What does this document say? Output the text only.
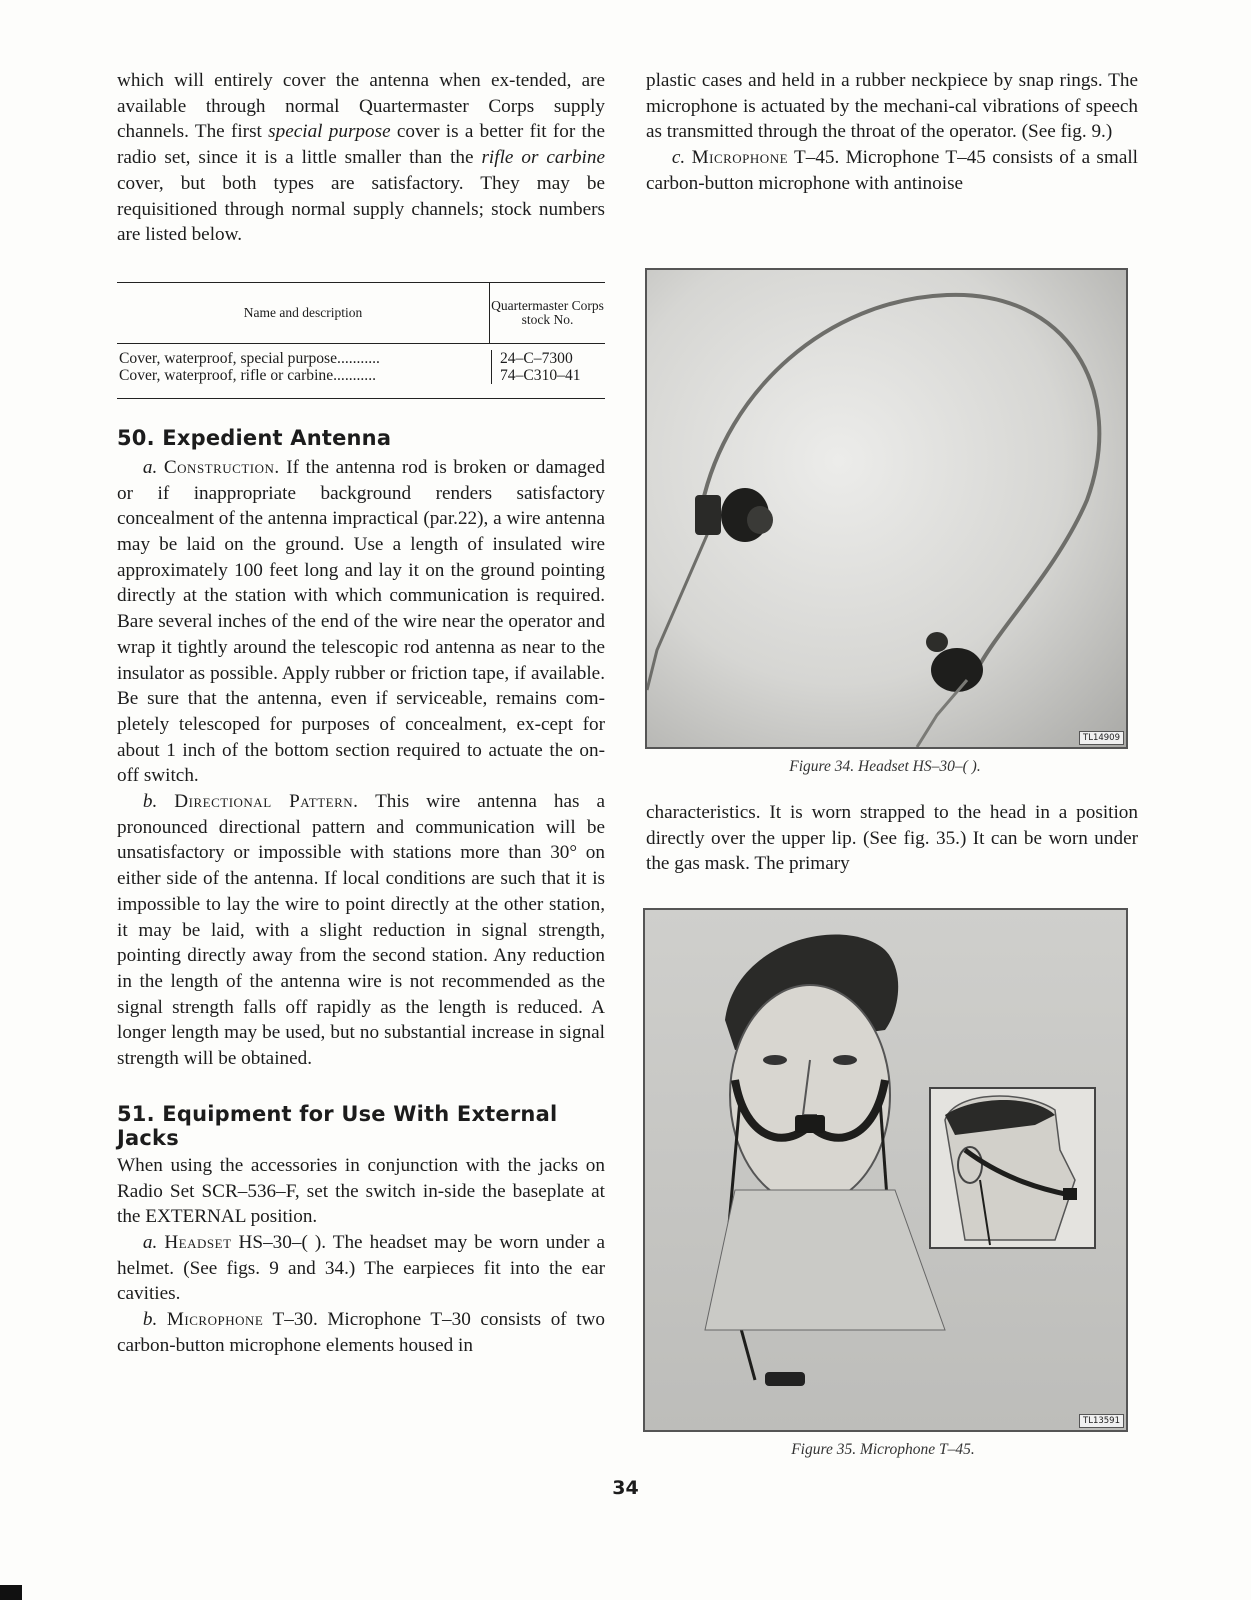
which will entirely cover the antenna when ex-tended, are available through normal Quartermaster Corps supply channels. The first special purpose cover is a better fit for the radio set, since it is a little smaller than the rifle or carbine cover, but both types are satisfactory. They may be requisitioned through normal supply channels; stock numbers are listed below.

Name and description	Quartermaster Corps stock No.
Cover, waterproof, special purpose...........	24–C–7300
Cover, waterproof, rifle or carbine...........	74–C310–41
50. Expedient Antenna

a. Construction. If the antenna rod is broken or damaged or if inappropriate background renders satisfactory concealment of the antenna impractical (par.22), a wire antenna may be laid on the ground. Use a length of insulated wire approximately 100 feet long and lay it on the ground pointing directly at the station with which communication is required. Bare several inches of the end of the wire near the operator and wrap it tightly around the telescopic rod antenna as near to the insulator as possible. Apply rubber or friction tape, if available. Be sure that the antenna, even if serviceable, remains com-pletely telescoped for purposes of concealment, ex-cept for about 1 inch of the bottom section required to actuate the on-off switch.

b. Directional Pattern. This wire antenna has a pronounced directional pattern and communication will be unsatisfactory or impossible with stations more than 30° on either side of the antenna. If local conditions are such that it is impossible to lay the wire to point directly at the other station, it may be laid, with a slight reduction in signal strength, pointing directly away from the second station. Any reduction in the length of the antenna wire is not recommended as the signal strength falls off rapidly as the length is reduced. A longer length may be used, but no substantial increase in signal strength will be obtained.

51. Equipment for Use With External Jacks

When using the accessories in conjunction with the jacks on Radio Set SCR–536–F, set the switch in-side the baseplate at the EXTERNAL position.

a. Headset HS–30–( ). The headset may be worn under a helmet. (See figs. 9 and 34.) The earpieces fit into the ear cavities.

b. Microphone T–30. Microphone T–30 consists of two carbon-button microphone elements housed in

plastic cases and held in a rubber neckpiece by snap rings. The microphone is actuated by the mechani-cal vibrations of speech as transmitted through the throat of the operator. (See fig. 9.)

c. Microphone T–45. Microphone T–45 consists of a small carbon-button microphone with antinoise

TL14909
Figure 34. Headset HS–30–( ).

characteristics. It is worn strapped to the head in a position directly over the upper lip. (See fig. 35.) It can be worn under the gas mask. The primary

TL13591
Figure 35. Microphone T–45.
34
